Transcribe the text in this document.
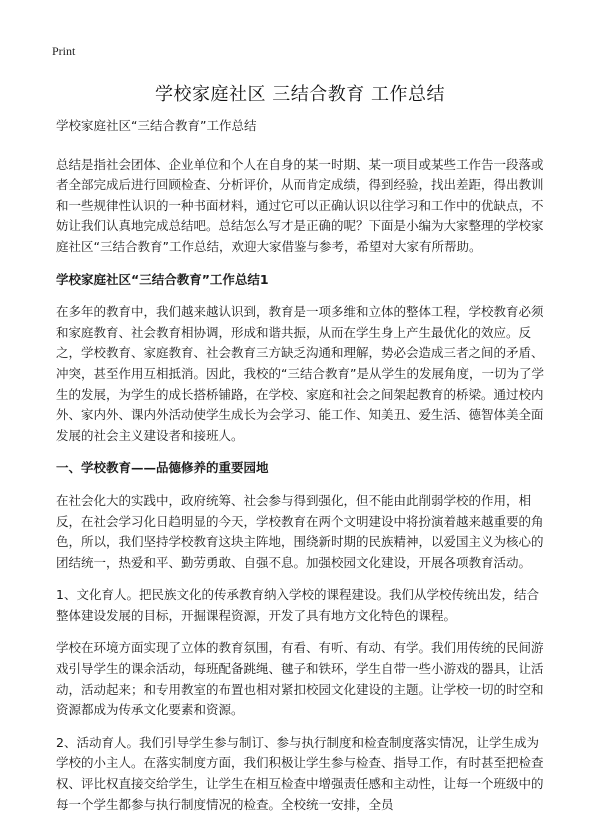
Print
学校家庭社区 三结合教育 工作总结

学校家庭社区“三结合教育”工作总结

总结是指社会团体、企业单位和个人在自身的某一时期、某一项目或某些工作告一段落或者全部完成后进行回顾检查、分析评价，从而肯定成绩，得到经验，找出差距，得出教训和一些规律性认识的一种书面材料，通过它可以正确认识以往学习和工作中的优缺点，不妨让我们认真地完成总结吧。总结怎么写才是正确的呢？下面是小编为大家整理的学校家庭社区“三结合教育”工作总结，欢迎大家借鉴与参考，希望对大家有所帮助。

学校家庭社区“三结合教育”工作总结1

在多年的教育中，我们越来越认识到，教育是一项多维和立体的整体工程，学校教育必须和家庭教育、社会教育相协调，形成和谐共振，从而在学生身上产生最优化的效应。反之，学校教育、家庭教育、社会教育三方缺乏沟通和理解，势必会造成三者之间的矛盾、冲突，甚至作用互相抵消。因此，我校的“三结合教育”是从学生的发展角度，一切为了学生的发展，为学生的成长搭桥铺路，在学校、家庭和社会之间架起教育的桥梁。通过校内外、家内外、课内外活动使学生成长为会学习、能工作、知美丑、爱生活、德智体美全面发展的社会主义建设者和接班人。

一、学校教育——品德修养的重要园地

在社会化大的实践中，政府统筹、社会参与得到强化，但不能由此削弱学校的作用，相反，在社会学习化日趋明显的今天，学校教育在两个文明建设中将扮演着越来越重要的角色，所以，我们坚持学校教育这块主阵地，围绕新时期的民族精神，以爱国主义为核心的团结统一，热爱和平、勤劳勇敢、自强不息。加强校园文化建设，开展各项教育活动。

1、文化育人。把民族文化的传承教育纳入学校的课程建设。我们从学校传统出发，结合整体建设发展的目标，开掘课程资源，开发了具有地方文化特色的课程。

学校在环境方面实现了立体的教育氛围，有看、有听、有动、有学。我们用传统的民间游戏引导学生的课余活动，每班配备跳绳、毽子和铁环，学生自带一些小游戏的器具，让活动，活动起来；和专用教室的布置也相对紧扣校园文化建设的主题。让学校一切的时空和资源都成为传承文化要素和资源。

2、活动育人。我们引导学生参与制订、参与执行制度和检查制度落实情况，让学生成为学校的小主人。在落实制度方面，我们积极让学生参与检查、指导工作，有时甚至把检查权、评比权直接交给学生，让学生在相互检查中增强责任感和主动性，让每一个班级中的每一个学生都参与执行制度情况的检查。全校统一安排，全员
